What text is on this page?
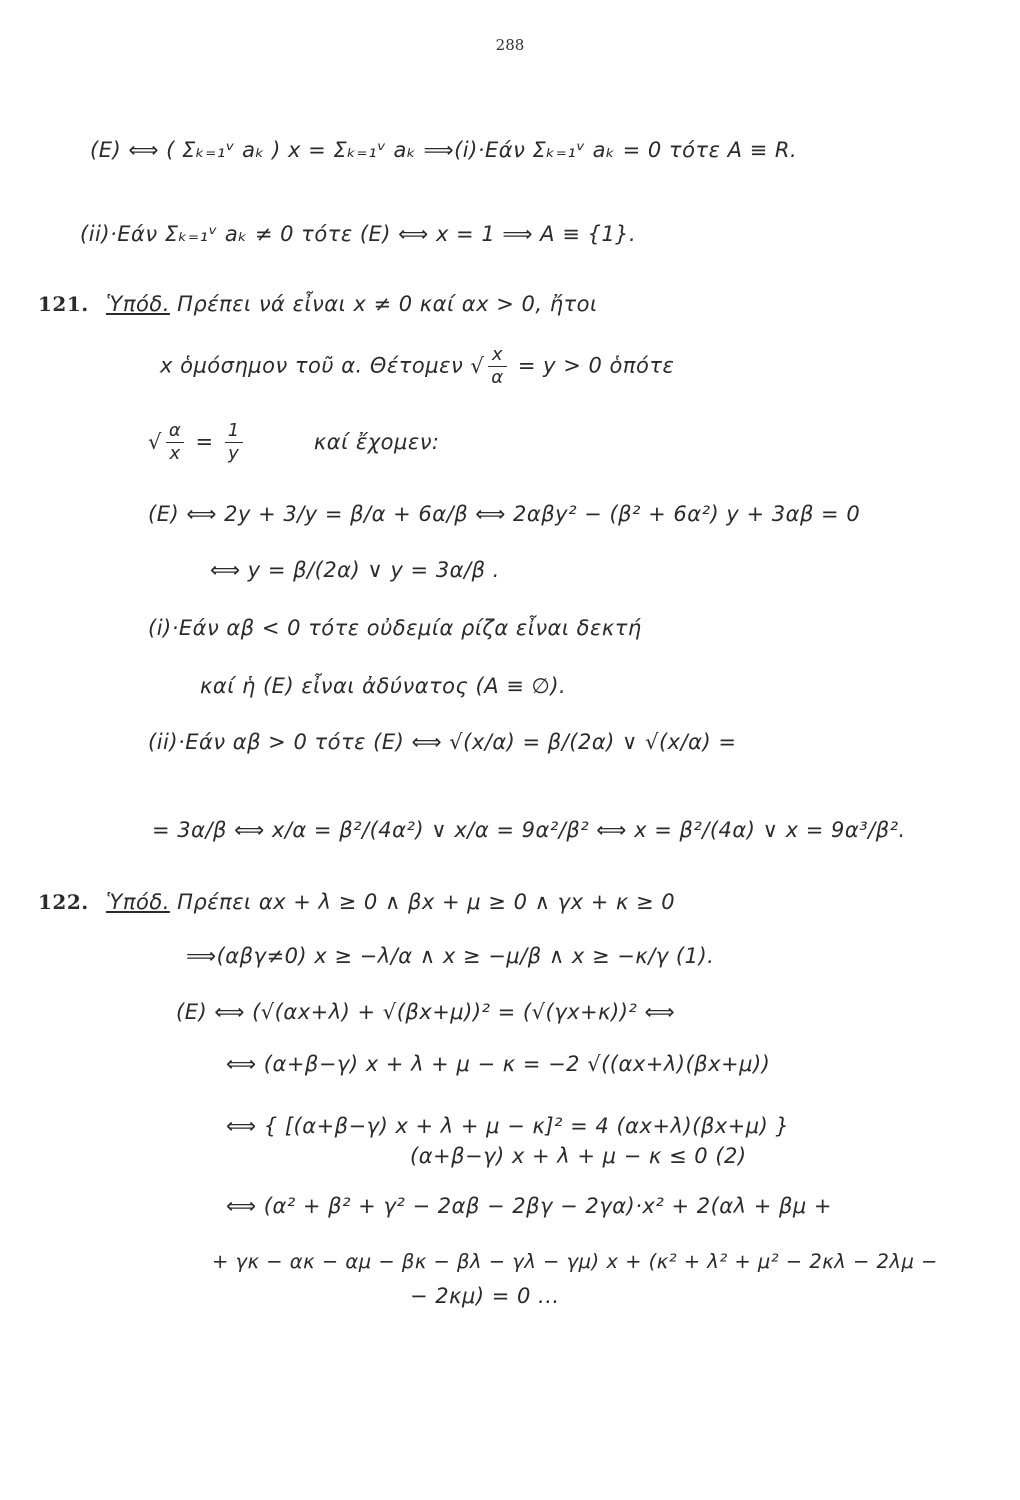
288
(E) ⟺ ( Σₖ₌₁ᵛ aₖ ) x = Σₖ₌₁ᵛ aₖ ⟹(i)·Εάν Σₖ₌₁ᵛ aₖ = 0 τότε A ≡ R.
(ii)·Εάν Σₖ₌₁ᵛ aₖ ≠ 0 τότε (E) ⟺ x = 1 ⟹ A ≡ {1}.
121. Ὑπόδ. Πρέπει νά εἶναι x ≠ 0 καί αx > 0, ἤτοι
x ὁμόσημον τοῦ α. Θέτομεν √ $\frac{x}{\alpha} = y > 0$ ὁπότε
√ $\frac{\alpha}{x} = \frac{1}{y}$	καί ἔχομεν:
(E) ⟺ 2y + 3/y = β/α + 6α/β ⟺ 2αβy² − (β² + 6α²) y + 3αβ = 0
⟺ y = β/(2α) ∨ y = 3α/β .
(i)·Εάν αβ < 0 τότε οὐδεμία ρίζα εἶναι δεκτή
καί ἡ (E) εἶναι ἀδύνατος (A ≡ ∅).
(ii)·Εάν αβ > 0 τότε (E) ⟺ √(x/α) = β/(2α) ∨ √(x/α) =
= 3α/β ⟺ x/α = β²/(4α²) ∨ x/α = 9α²/β² ⟺ x = β²/(4α) ∨ x = 9α³/β².
122. Ὑπόδ. Πρέπει αx + λ ≥ 0 ∧ βx + μ ≥ 0 ∧ γx + κ ≥ 0
⟹(αβγ≠0) x ≥ −λ/α ∧ x ≥ −μ/β ∧ x ≥ −κ/γ (1).
(E) ⟺ (√(αx+λ) + √(βx+μ))² = (√(γx+κ))² ⟺
⟺ (α+β−γ) x + λ + μ − κ = −2 √((αx+λ)(βx+μ))
⟺ { [(α+β−γ) x + λ + μ − κ]² = 4 (αx+λ)(βx+μ) }
(α+β−γ) x + λ + μ − κ ≤ 0 (2)
⟺ (α² + β² + γ² − 2αβ − 2βγ − 2γα)·x² + 2(αλ + βμ +
+ γκ − ακ − αμ − βκ − βλ − γλ − γμ) x + (κ² + λ² + μ² − 2κλ − 2λμ −
− 2κμ) = 0 ...
